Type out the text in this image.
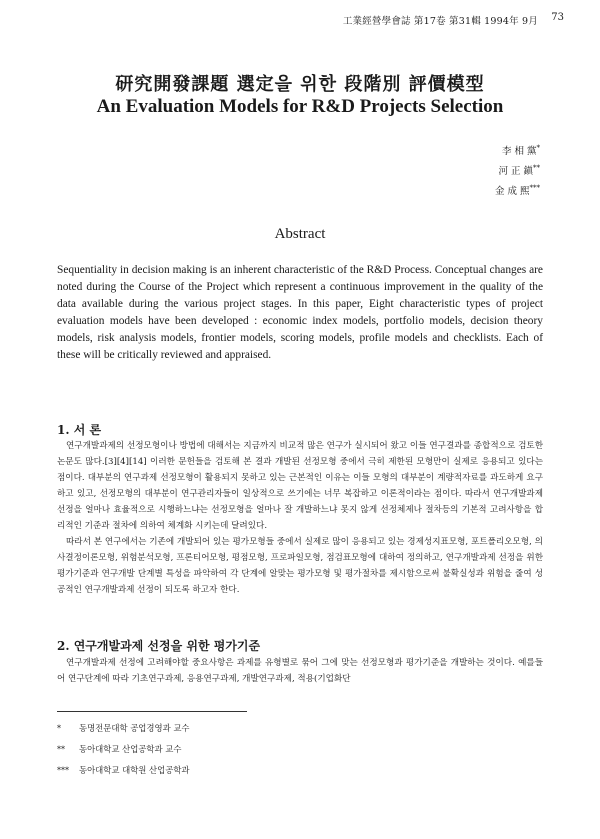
工業經營學會誌 第17卷 第31輯 1994年 9月 73
研究開發課題 選定을 위한 段階別 評價模型
An Evaluation Models for R&D Projects Selection
李 相 黨*
河 正 鎭**
金 成 熙***
Abstract

Sequentiality in decision making is an inherent characteristic of the R&D Process. Conceptual changes are noted during the Course of the Project which represent a continuous improvement in the quality of the data available during the various project stages. In this paper, Eight characteristic types of project evaluation models have been developed : economic index models, portfolio models, decision theory models, risk analysis models, frontier models, scoring models, profile models and checklists. Each of these will be critically reviewed and appraised.

1. 서 론

연구개발과제의 선정모형이나 방법에 대해서는 지금까지 비교적 많은 연구가 실시되어 왔고 이들 연구결과를 종합적으로 검토한 논문도 많다.[3][4][14] 이러한 문헌들을 검토해 본 결과 개발된 선정모형 중에서 극히 제한된 모형만이 실제로 응용되고 있다는 점이다. 대부분의 연구과제 선정모형이 활용되지 못하고 있는 근본적인 이유는 이들 모형의 대부분이 계량적자료를 과도하게 요구하고 있고, 선정모형의 대부분이 연구관리자들이 일상적으로 쓰기에는 너무 복잡하고 이론적이라는 점이다. 따라서 연구개발과제 선정을 얼마나 효율적으로 시행하느냐는 선정모형을 얼마나 잘 개발하느냐 못지 않게 선정체제나 절차등의 기본적 고려사항을 합리적인 기준과 절차에 의하여 체계화 시키는데 달려있다.

따라서 본 연구에서는 기존에 개발되어 있는 평가모형들 중에서 실제로 많이 응용되고 있는 경제성지표모형, 포트폴리오모형, 의사결정이론모형, 위험분석모형, 프론티어모형, 평점모형, 프로파일모형, 점검표모형에 대하여 정의하고, 연구개발과제 선정을 위한 평가기준과 연구개발 단계별 특성을 파악하여 각 단계에 알맞는 평가모형 및 평가절차를 제시함으로써 불확실성과 위험을 줄여 성공적인 연구개발과제 선정이 되도록 하고자 한다.

2. 연구개발과제 선정을 위한 평가기준

연구개발과제 선정에 고려해야할 중요사항은 과제를 유형별로 묶어 그에 맞는 선정모형과 평가기준을 개발하는 것이다. 예를들어 연구단계에 따라 기초연구과제, 응용연구과제, 개발연구과제, 적용(기업화단

* 동명전문대학 공업경영과 교수
** 동아대학교 산업공학과 교수
*** 동아대학교 대학원 산업공학과
